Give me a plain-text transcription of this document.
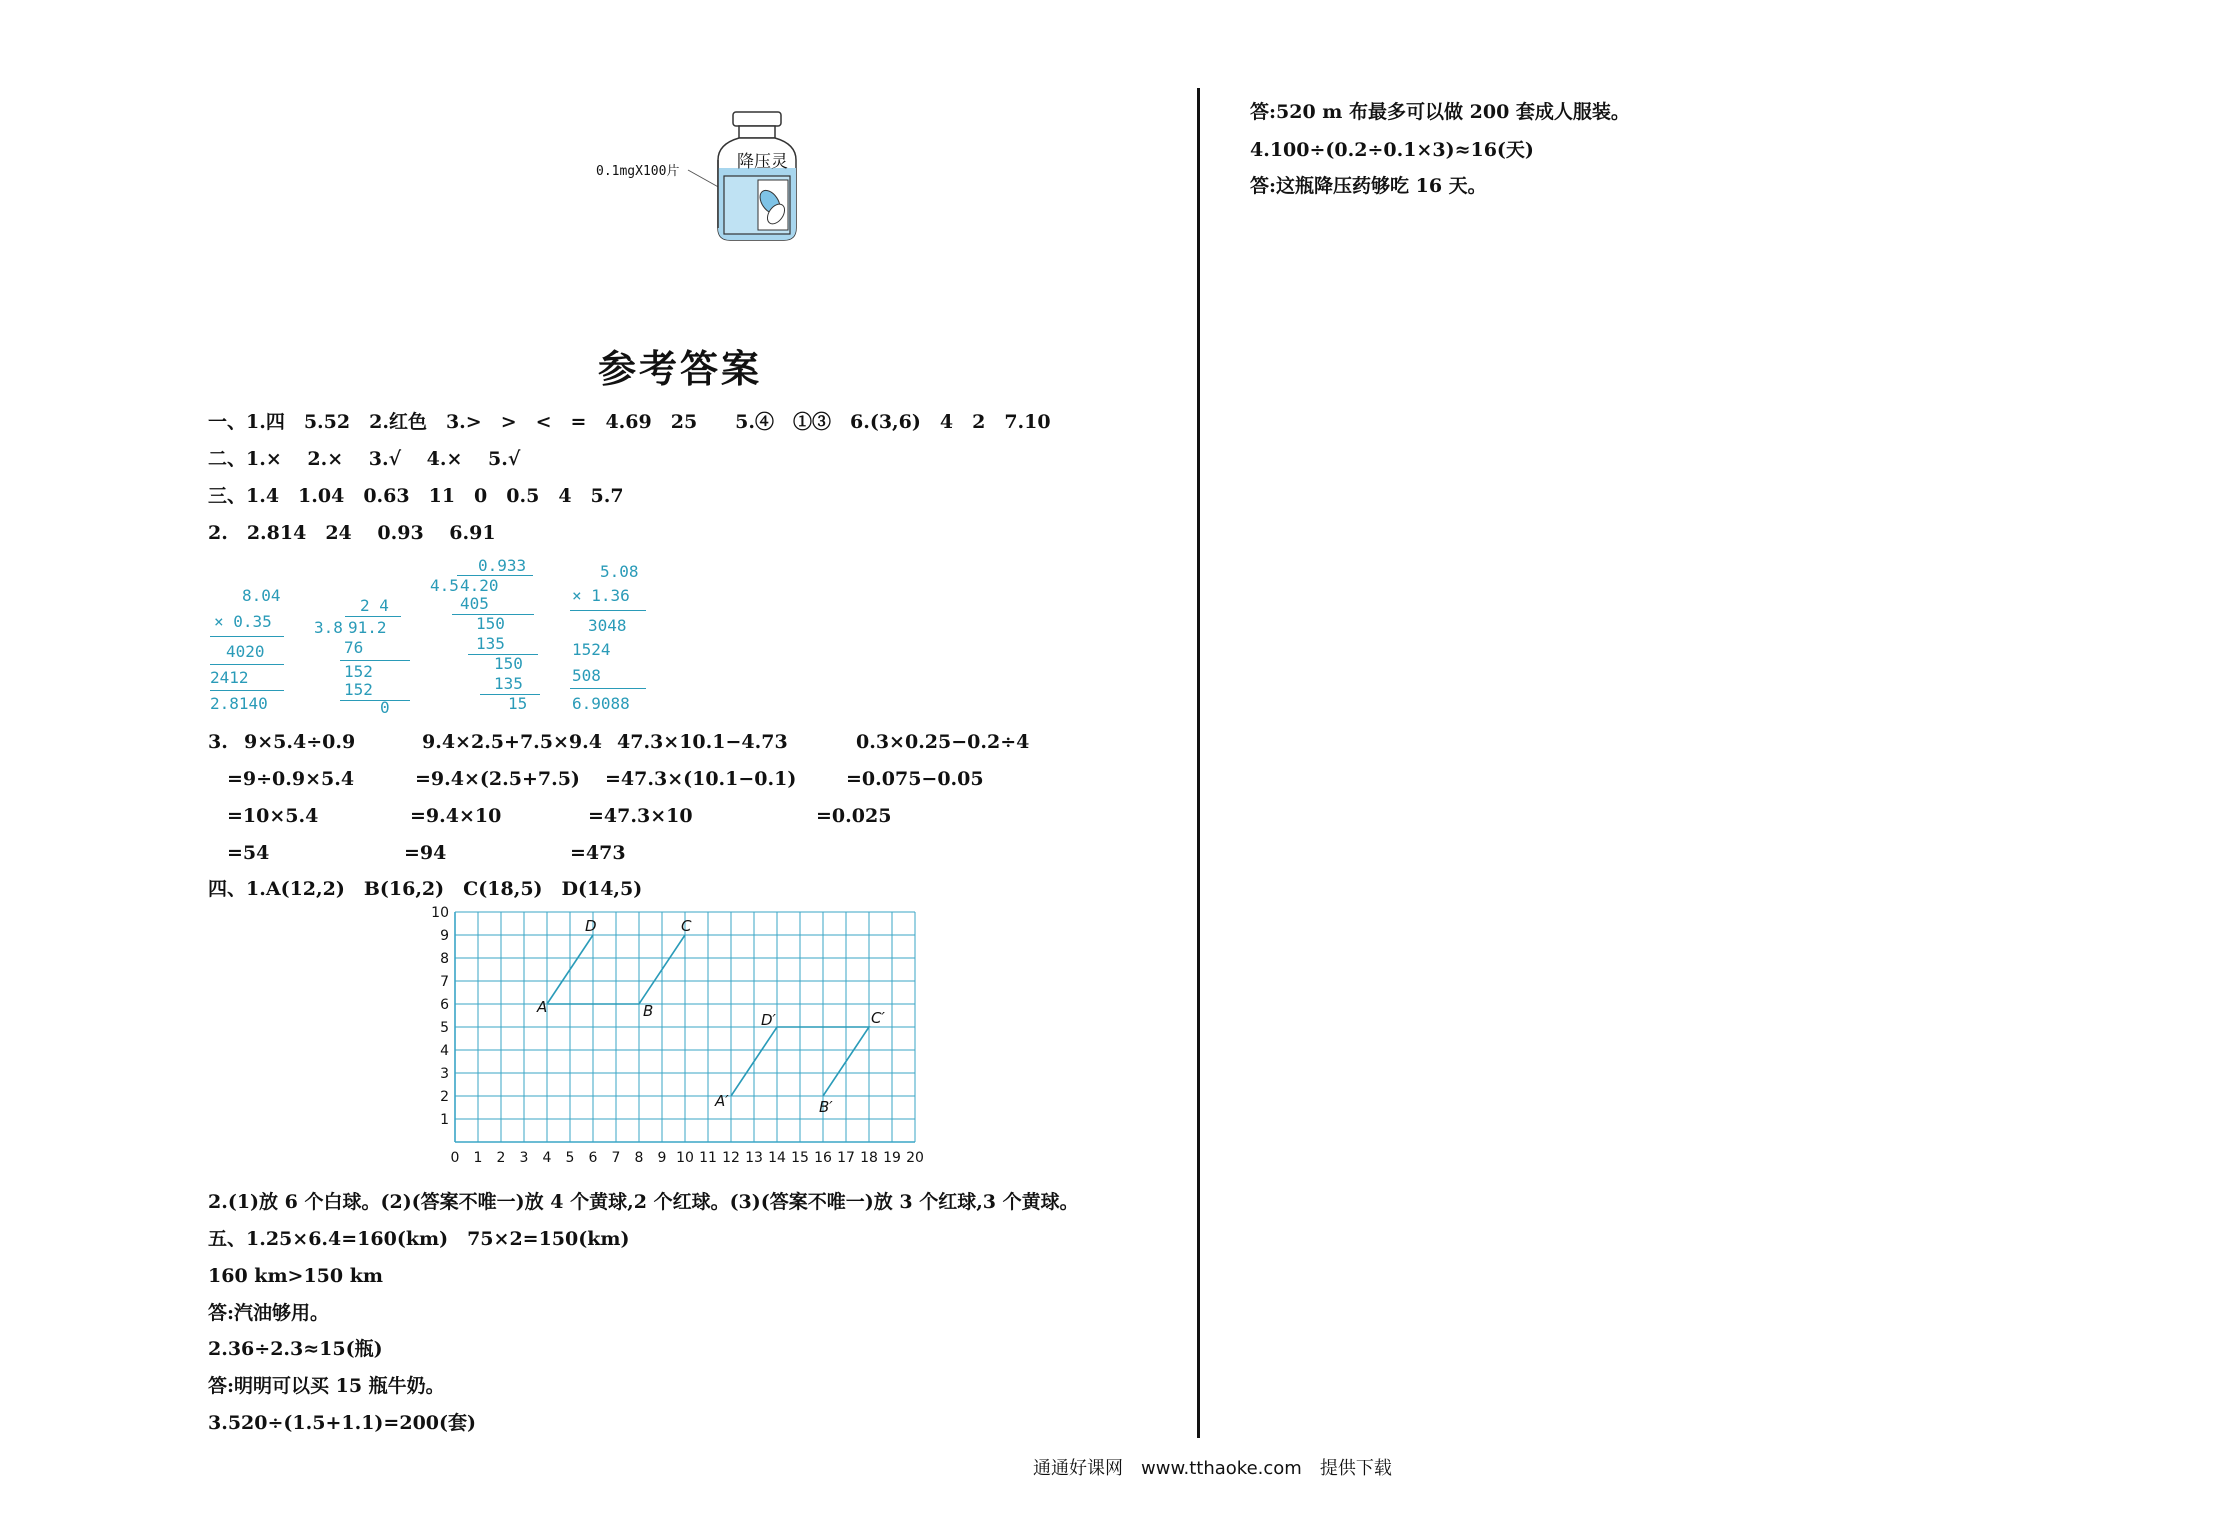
降压灵
0.1mgX100片
参考答案
一、1.四　5.52　2.红色　3.>　>　<　=　4.69　25　　5.④　①③　6.(3,6)　4　2　7.10
二、1.×　 2.×　 3.√　 4.×　 5.√
三、1.4　1.04　0.63　11　0　0.5　4　5.7
2.　2.814　24　 0.93　 6.91
8.04
× 0.35
4020
2412
2.8140
2 4
3.8 91.2
76
152
152
0
0.933
4.5 4.20
405
150
135
150
135
15
5.08
× 1.36
3048
1524
508
6.9088
3. 9×5.4÷0.9
=9÷0.9×5.4
=10×5.4
=54
9.4×2.5+7.5×9.4
=9.4×(2.5+7.5)
=9.4×10
=94
47.3×10.1−4.73
=47.3×(10.1−0.1)
=47.3×10
=473
0.3×0.25−0.2÷4
=0.075−0.05
=0.025
四、1.A(12,2)　B(16,2)　C(18,5)　D(14,5)
0 1 2 3 4 5 6 7 8 9 10 11 12 13 14 15 16 17 18 19 20
1
2
3
4
5
6
7
8
9
10
A	B
C
D
A′	B′
C′
D′
2.(1)放 6 个白球。(2)(答案不唯一)放 4 个黄球,2 个红球。(3)(答案不唯一)放 3 个红球,3 个黄球。
五、1.25×6.4=160(km)　75×2=150(km)
160 km>150 km
答:汽油够用。
2.36÷2.3≈15(瓶)
答:明明可以买 15 瓶牛奶。
3.520÷(1.5+1.1)=200(套)
答:520 m 布最多可以做 200 套成人服装。
4.100÷(0.2÷0.1×3)≈16(天)
答:这瓶降压药够吃 16 天。
通通好课网　www.tthaoke.com　提供下载
